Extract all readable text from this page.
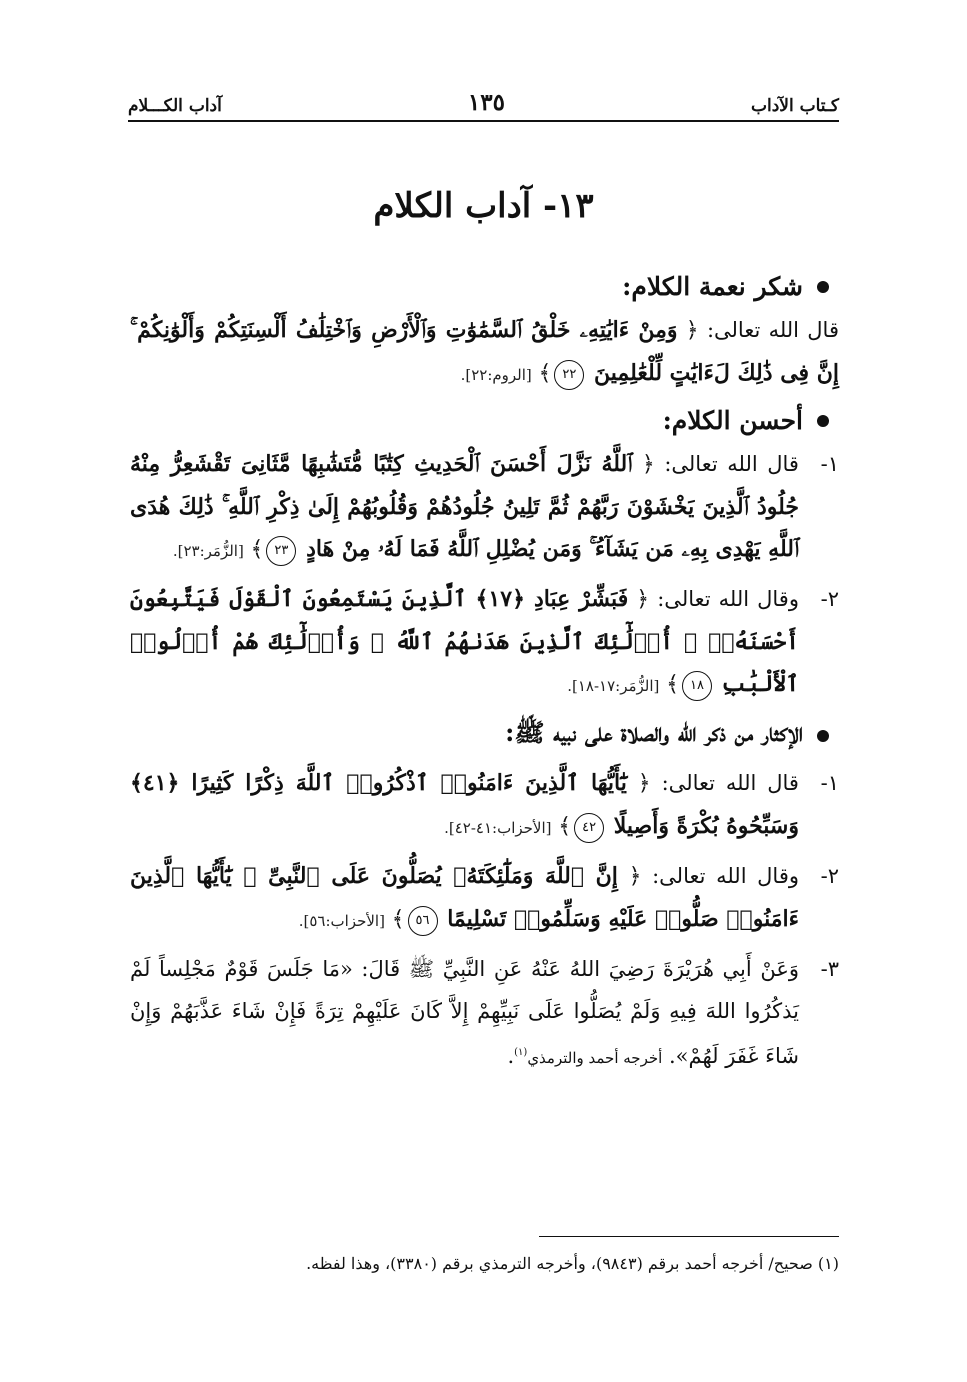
كـتاب الآداب
١٣٥
آداب الكـــلام
١٣- آداب الكلام
شكر نعمة الكلام:

قال الله تعالى: ﴿ وَمِنْ ءَايَٰتِهِۦ خَلْقُ ٱلسَّمَٰوَٰتِ وَٱلْأَرْضِ وَٱخْتِلَٰفُ أَلْسِنَتِكُمْ وَأَلْوَٰنِكُمْ ۚ إِنَّ فِى ذَٰلِكَ لَءَايَٰتٍ لِّلْعَٰلِمِينَ ٢٢﴾ [الروم:٢٢].

أحسن الكلام:

١-
قال الله تعالى: ﴿ ٱللَّهُ نَزَّلَ أَحْسَنَ ٱلْحَدِيثِ كِتَٰبًا مُّتَشَٰبِهًا مَّثَانِىَ تَقْشَعِرُّ مِنْهُ جُلُودُ ٱلَّذِينَ يَخْشَوْنَ رَبَّهُمْ ثُمَّ تَلِينُ جُلُودُهُمْ وَقُلُوبُهُمْ إِلَىٰ ذِكْرِ ٱللَّهِ ۚ ذَٰلِكَ هُدَى ٱللَّهِ يَهْدِى بِهِۦ مَن يَشَآءُ ۚ وَمَن يُضْلِلِ ٱللَّهُ فَمَا لَهُۥ مِنْ هَادٍ ٢٣﴾ [الزُّمَر:٢٣].

٢-
وقال الله تعالى: ﴿ فَبَشِّرْ عِبَادِ ﴿١٧﴾ ٱلَّذِينَ يَسْتَمِعُونَ ٱلْقَوْلَ فَيَتَّبِعُونَ أَحْسَنَهُۥٓ ۚ أُو۟لَٰٓئِكَ ٱلَّذِينَ هَدَىٰهُمُ ٱللَّهُ ۖ وَأُو۟لَٰٓئِكَ هُمْ أُو۟لُوا۟ ٱلْأَلْبَٰبِ ١٨﴾ [الزُّمَر:١٧-١٨].

الإكثار من ذكر الله والصلاة على نبيه ﷺ:

١-
قال الله تعالى: ﴿ يَٰٓأَيُّهَا ٱلَّذِينَ ءَامَنُوا۟ ٱذْكُرُوا۟ ٱللَّهَ ذِكْرًا كَثِيرًا ﴿٤١﴾ وَسَبِّحُوهُ بُكْرَةً وَأَصِيلًا ٤٢﴾ [الأحزاب:٤١-٤٢].

٢-
وقال الله تعالى: ﴿ إِنَّ ٱللَّهَ وَمَلَٰٓئِكَتَهُۥ يُصَلُّونَ عَلَى ٱلنَّبِىِّ ۚ يَٰٓأَيُّهَا ٱلَّذِينَ ءَامَنُوا۟ صَلُّوا۟ عَلَيْهِ وَسَلِّمُوا۟ تَسْلِيمًا ٥٦﴾ [الأحزاب:٥٦].

٣-
وَعَنْ أَبِي هُرَيْرَةَ رَضِيَ اللهُ عَنْهُ عَنِ النَّبِيِّ ﷺ قَالَ: «مَا جَلَسَ قَوْمٌ مَجْلِساً لَمْ يَذكُرُوا اللهَ فِيهِ وَلَمْ يُصَلُّوا عَلَى نَبِيِّهِمْ إِلاَّ كَانَ عَلَيْهِمْ تِرَةً فَإِنْ شَاءَ عَذَّبَهُمْ وَإِنْ شَاءَ غَفَرَ لَهُمْ». أخرجه أحمد والترمذي$^{(١)}$.

(١) صحيح/ أخرجه أحمد برقم (٩٨٤٣)، وأخرجه الترمذي برقم (٣٣٨٠)، وهذا لفظه.
